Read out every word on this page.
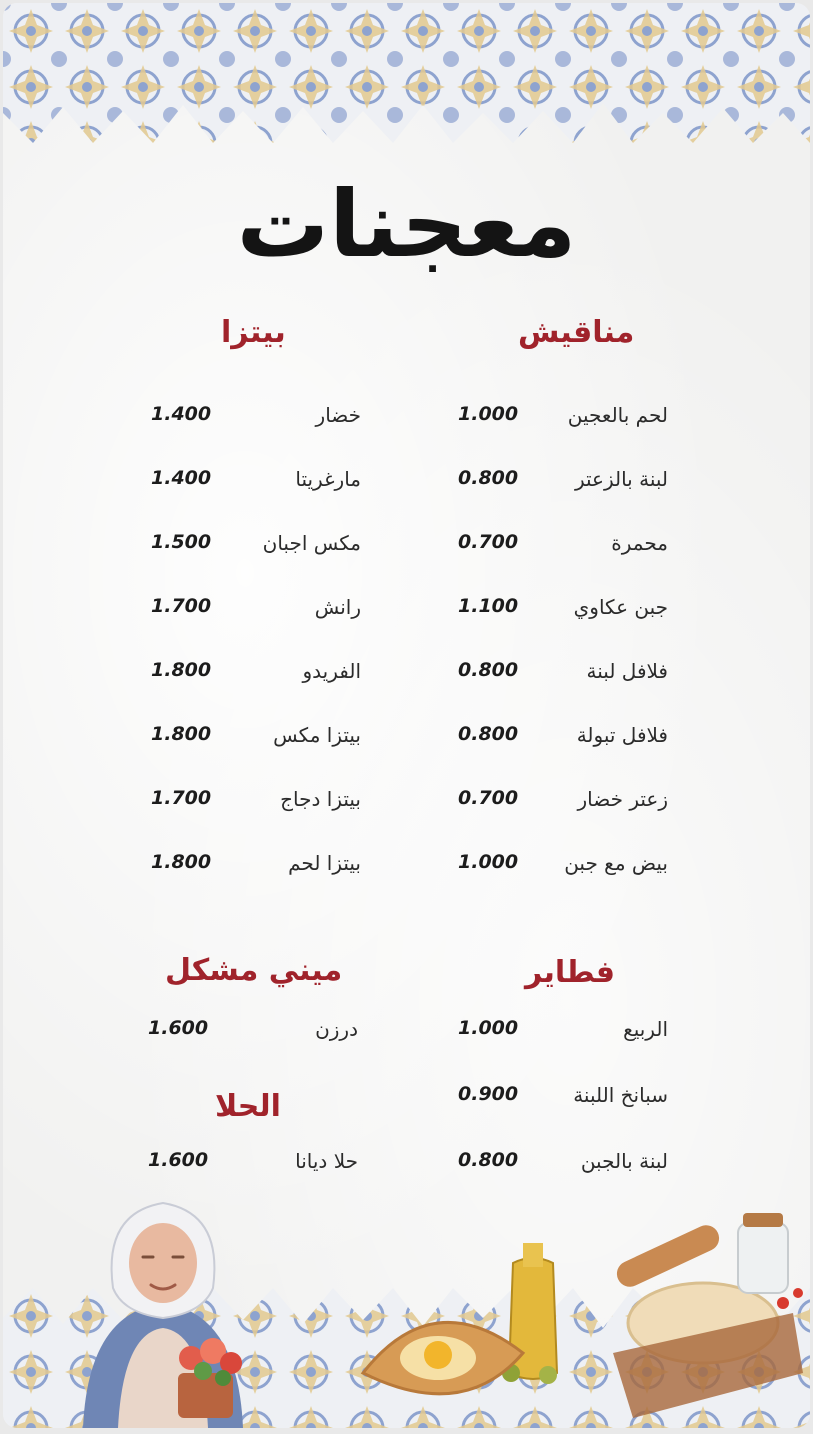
معجنات
مناقيش
لحم بالعجين
1.000
لبنة بالزعتر
0.800
محمرة
0.700
جبن عكاوي
1.100
فلافل لبنة
0.800
فلافل تبولة
0.800
زعتر خضار
0.700
بيض مع جبن
1.000
بيتزا
خضار
1.400
مارغريتا
1.400
مكس اجبان
1.500
رانش
1.700
الفريدو
1.800
بيتزا مكس
1.800
بيتزا دجاج
1.700
بيتزا لحم
1.800
فطاير
الربيع
1.000
سبانخ اللبنة
0.900
لبنة بالجبن
0.800
ميني مشكل
درزن
1.600
الحلا
حلا ديانا
1.600
